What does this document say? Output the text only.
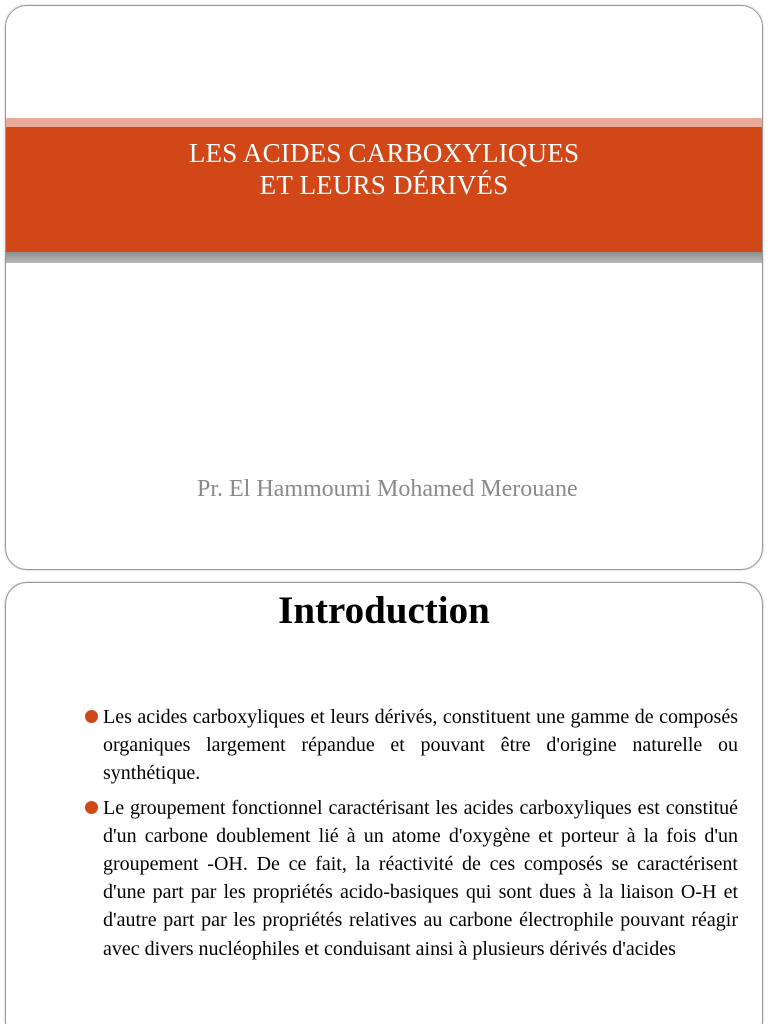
LES ACIDES CARBOXYLIQUES
ET LEURS DÉRIVÉS
Pr. El Hammoumi Mohamed Merouane
Introduction
Les acides carboxyliques et leurs dérivés, constituent une gamme de composés organiques largement répandue et pouvant être d'origine naturelle ou synthétique.
Le groupement fonctionnel caractérisant les acides carboxyliques est constitué d'un carbone doublement lié à un atome d'oxygène et porteur à la fois d'un groupement -OH. De ce fait, la réactivité de ces composés se caractérisent d'une part par les propriétés acido-basiques qui sont dues à la liaison O-H et d'autre part par les propriétés relatives au carbone électrophile pouvant réagir avec divers nucléophiles et conduisant ainsi à plusieurs dérivés d'acides
